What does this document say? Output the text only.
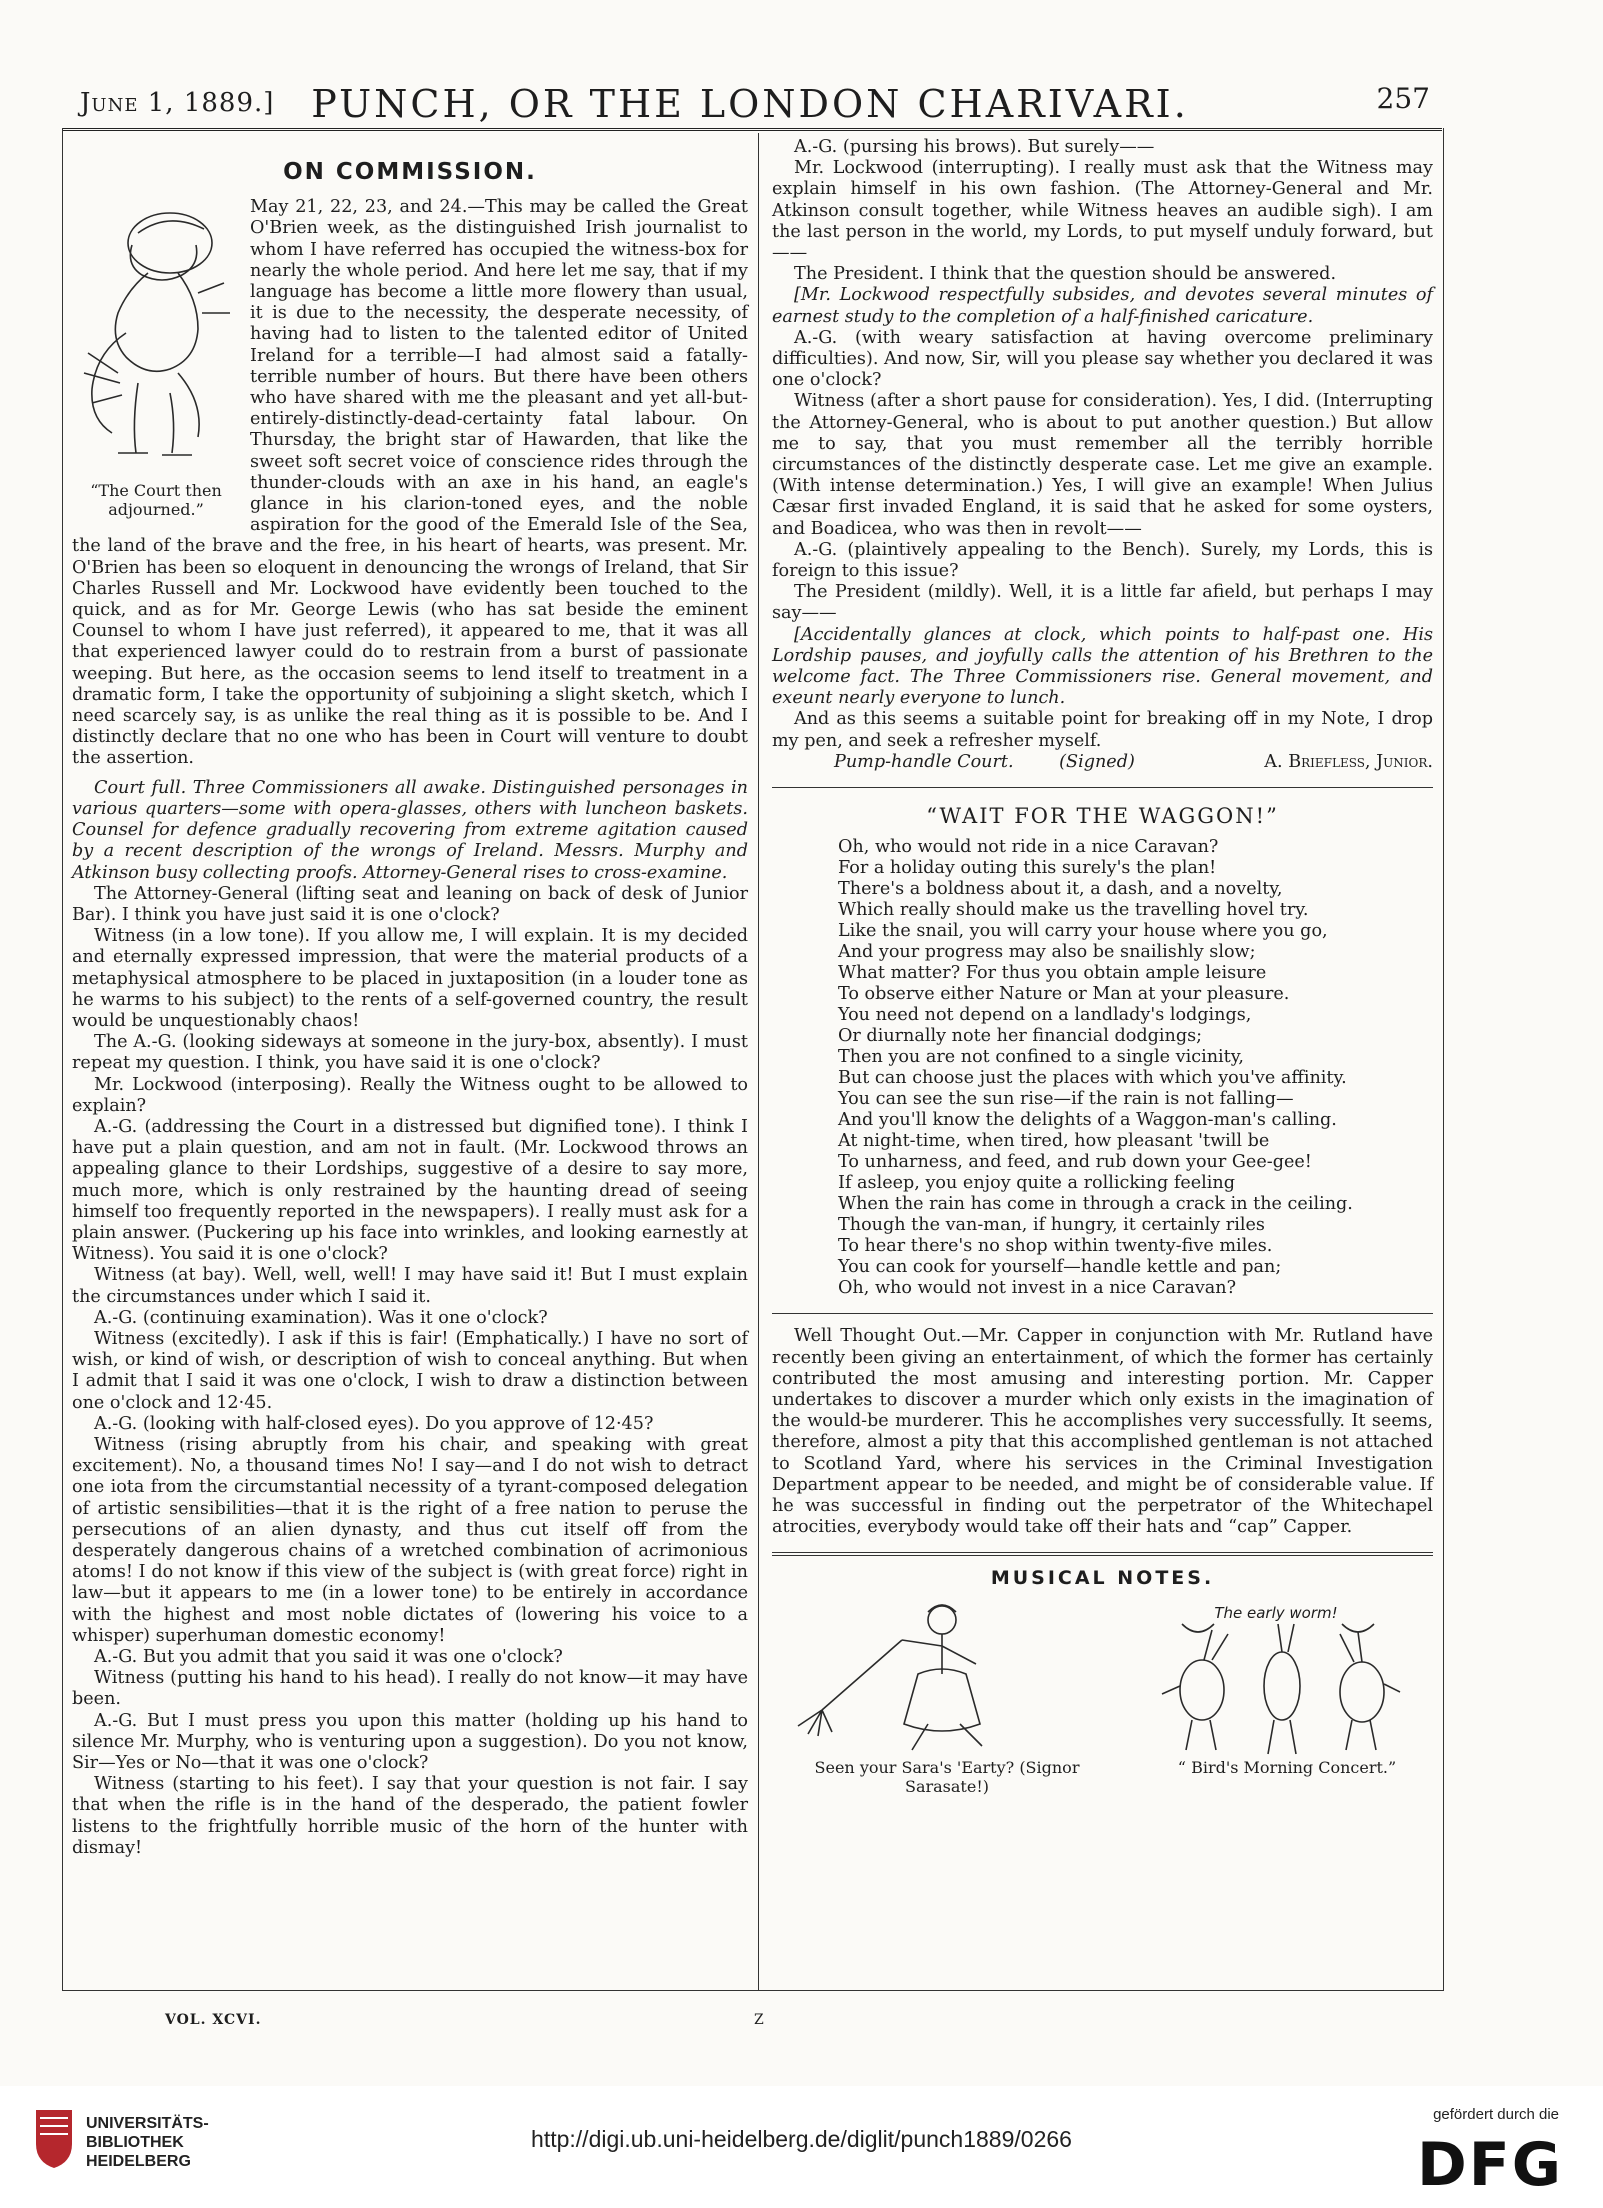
June 1, 1889.] PUNCH, OR THE LONDON CHARIVARI.	257
ON COMMISSION.

“The Court then adjourned.”
May 21, 22, 23, and 24.—This may be called the Great O'Brien week, as the distinguished Irish journalist to whom I have referred has occupied the witness-box for nearly the whole period. And here let me say, that if my language has become a little more flowery than usual, it is due to the necessity, the desperate necessity, of having had to listen to the talented editor of United Ireland for a terrible—I had almost said a fatally-terrible number of hours. But there have been others who have shared with me the pleasant and yet all-but-entirely-distinctly-dead-certainty fatal labour. On Thursday, the bright star of Hawarden, that like the sweet soft secret voice of conscience rides through the thunder-clouds with an axe in his hand, an eagle's glance in his clarion-toned eyes, and the noble aspiration for the good of the Emerald Isle of the Sea, the land of the brave and the free, in his heart of hearts, was present. Mr. O'Brien has been so eloquent in denouncing the wrongs of Ireland, that Sir Charles Russell and Mr. Lockwood have evidently been touched to the quick, and as for Mr. George Lewis (who has sat beside the eminent Counsel to whom I have just referred), it appeared to me, that it was all that experienced lawyer could do to restrain from a burst of passionate weeping. But here, as the occasion seems to lend itself to treatment in a dramatic form, I take the opportunity of subjoining a slight sketch, which I need scarcely say, is as unlike the real thing as it is possible to be. And I distinctly declare that no one who has been in Court will venture to doubt the assertion.

Court full. Three Commissioners all awake. Distinguished personages in various quarters—some with opera-glasses, others with luncheon baskets. Counsel for defence gradually recovering from extreme agitation caused by a recent description of the wrongs of Ireland. Messrs. Murphy and Atkinson busy collecting proofs. Attorney-General rises to cross-examine.

The Attorney-General (lifting seat and leaning on back of desk of Junior Bar). I think you have just said it is one o'clock?

Witness (in a low tone). If you allow me, I will explain. It is my decided and eternally expressed impression, that were the material products of a metaphysical atmosphere to be placed in juxtaposition (in a louder tone as he warms to his subject) to the rents of a self-governed country, the result would be unquestionably chaos!

The A.-G. (looking sideways at someone in the jury-box, absently). I must repeat my question. I think, you have said it is one o'clock?

Mr. Lockwood (interposing). Really the Witness ought to be allowed to explain?

A.-G. (addressing the Court in a distressed but dignified tone). I think I have put a plain question, and am not in fault. (Mr. Lockwood throws an appealing glance to their Lordships, suggestive of a desire to say more, much more, which is only restrained by the haunting dread of seeing himself too frequently reported in the newspapers). I really must ask for a plain answer. (Puckering up his face into wrinkles, and looking earnestly at Witness). You said it is one o'clock?

Witness (at bay). Well, well, well! I may have said it! But I must explain the circumstances under which I said it.

A.-G. (continuing examination). Was it one o'clock?

Witness (excitedly). I ask if this is fair! (Emphatically.) I have no sort of wish, or kind of wish, or description of wish to conceal anything. But when I admit that I said it was one o'clock, I wish to draw a distinction between one o'clock and 12·45.

A.-G. (looking with half-closed eyes). Do you approve of 12·45?

Witness (rising abruptly from his chair, and speaking with great excitement). No, a thousand times No! I say—and I do not wish to detract one iota from the circumstantial necessity of a tyrant-composed delegation of artistic sensibilities—that it is the right of a free nation to peruse the persecutions of an alien dynasty, and thus cut itself off from the desperately dangerous chains of a wretched combination of acrimonious atoms! I do not know if this view of the subject is (with great force) right in law—but it appears to me (in a lower tone) to be entirely in accordance with the highest and most noble dictates of (lowering his voice to a whisper) superhuman domestic economy!

A.-G. But you admit that you said it was one o'clock?

Witness (putting his hand to his head). I really do not know—it may have been.

A.-G. But I must press you upon this matter (holding up his hand to silence Mr. Murphy, who is venturing upon a suggestion). Do you not know, Sir—Yes or No—that it was one o'clock?

Witness (starting to his feet). I say that your question is not fair. I say that when the rifle is in the hand of the desperado, the patient fowler listens to the frightfully horrible music of the horn of the hunter with dismay!

A.-G. (pursing his brows). But surely——

Mr. Lockwood (interrupting). I really must ask that the Witness may explain himself in his own fashion. (The Attorney-General and Mr. Atkinson consult together, while Witness heaves an audible sigh). I am the last person in the world, my Lords, to put myself unduly forward, but——

The President. I think that the question should be answered.

[Mr. Lockwood respectfully subsides, and devotes several minutes of earnest study to the completion of a half-finished caricature.

A.-G. (with weary satisfaction at having overcome preliminary difficulties). And now, Sir, will you please say whether you declared it was one o'clock?

Witness (after a short pause for consideration). Yes, I did. (Interrupting the Attorney-General, who is about to put another question.) But allow me to say, that you must remember all the terribly horrible circumstances of the distinctly desperate case. Let me give an example. (With intense determination.) Yes, I will give an example! When Julius Cæsar first invaded England, it is said that he asked for some oysters, and Boadicea, who was then in revolt——

A.-G. (plaintively appealing to the Bench). Surely, my Lords, this is foreign to this issue?

The President (mildly). Well, it is a little far afield, but perhaps I may say——

[Accidentally glances at clock, which points to half-past one. His Lordship pauses, and joyfully calls the attention of his Brethren to the welcome fact. The Three Commissioners rise. General movement, and exeunt nearly everyone to lunch.

And as this seems a suitable point for breaking off in my Note, I drop my pen, and seek a refresher myself.

Pump-handle Court.	(Signed)	A. Briefless, Junior.

“WAIT FOR THE WAGGON!”
Oh, who would not ride in a nice Caravan?
For a holiday outing this surely's the plan!
There's a boldness about it, a dash, and a novelty,
Which really should make us the travelling hovel try.
Like the snail, you will carry your house where you go,
And your progress may also be snailishly slow;
What matter? For thus you obtain ample leisure
To observe either Nature or Man at your pleasure.
You need not depend on a landlady's lodgings,
Or diurnally note her financial dodgings;
Then you are not confined to a single vicinity,
But can choose just the places with which you've affinity.
You can see the sun rise—if the rain is not falling—
And you'll know the delights of a Waggon-man's calling.
At night-time, when tired, how pleasant 'twill be
To unharness, and feed, and rub down your Gee-gee!
If asleep, you enjoy quite a rollicking feeling
When the rain has come in through a crack in the ceiling.
Though the van-man, if hungry, it certainly riles
To hear there's no shop within twenty-five miles.
You can cook for yourself—handle kettle and pan;
Oh, who would not invest in a nice Caravan?

Well Thought Out.—Mr. Capper in conjunction with Mr. Rutland have recently been giving an entertainment, of which the former has certainly contributed the most amusing and interesting portion. Mr. Capper undertakes to discover a murder which only exists in the imagination of the would-be murderer. This he accomplishes very successfully. It seems, therefore, almost a pity that this accomplished gentleman is not attached to Scotland Yard, where his services in the Criminal Investigation Department appear to be needed, and might be of considerable value. If he was successful in finding out the perpetrator of the Whitechapel atrocities, everybody would take off their hats and “cap” Capper.

MUSICAL NOTES.
Seen your Sara's 'Earty? (Signor Sarasate!)
The early worm!
“ Bird's Morning Concert.”
VOL. XCVI.	Z
UNIVERSITÄTS-
BIBLIOTHEK
HEIDELBERG
http://digi.ub.uni-heidelberg.de/diglit/punch1889/0266
gefördert durch die
DFG
